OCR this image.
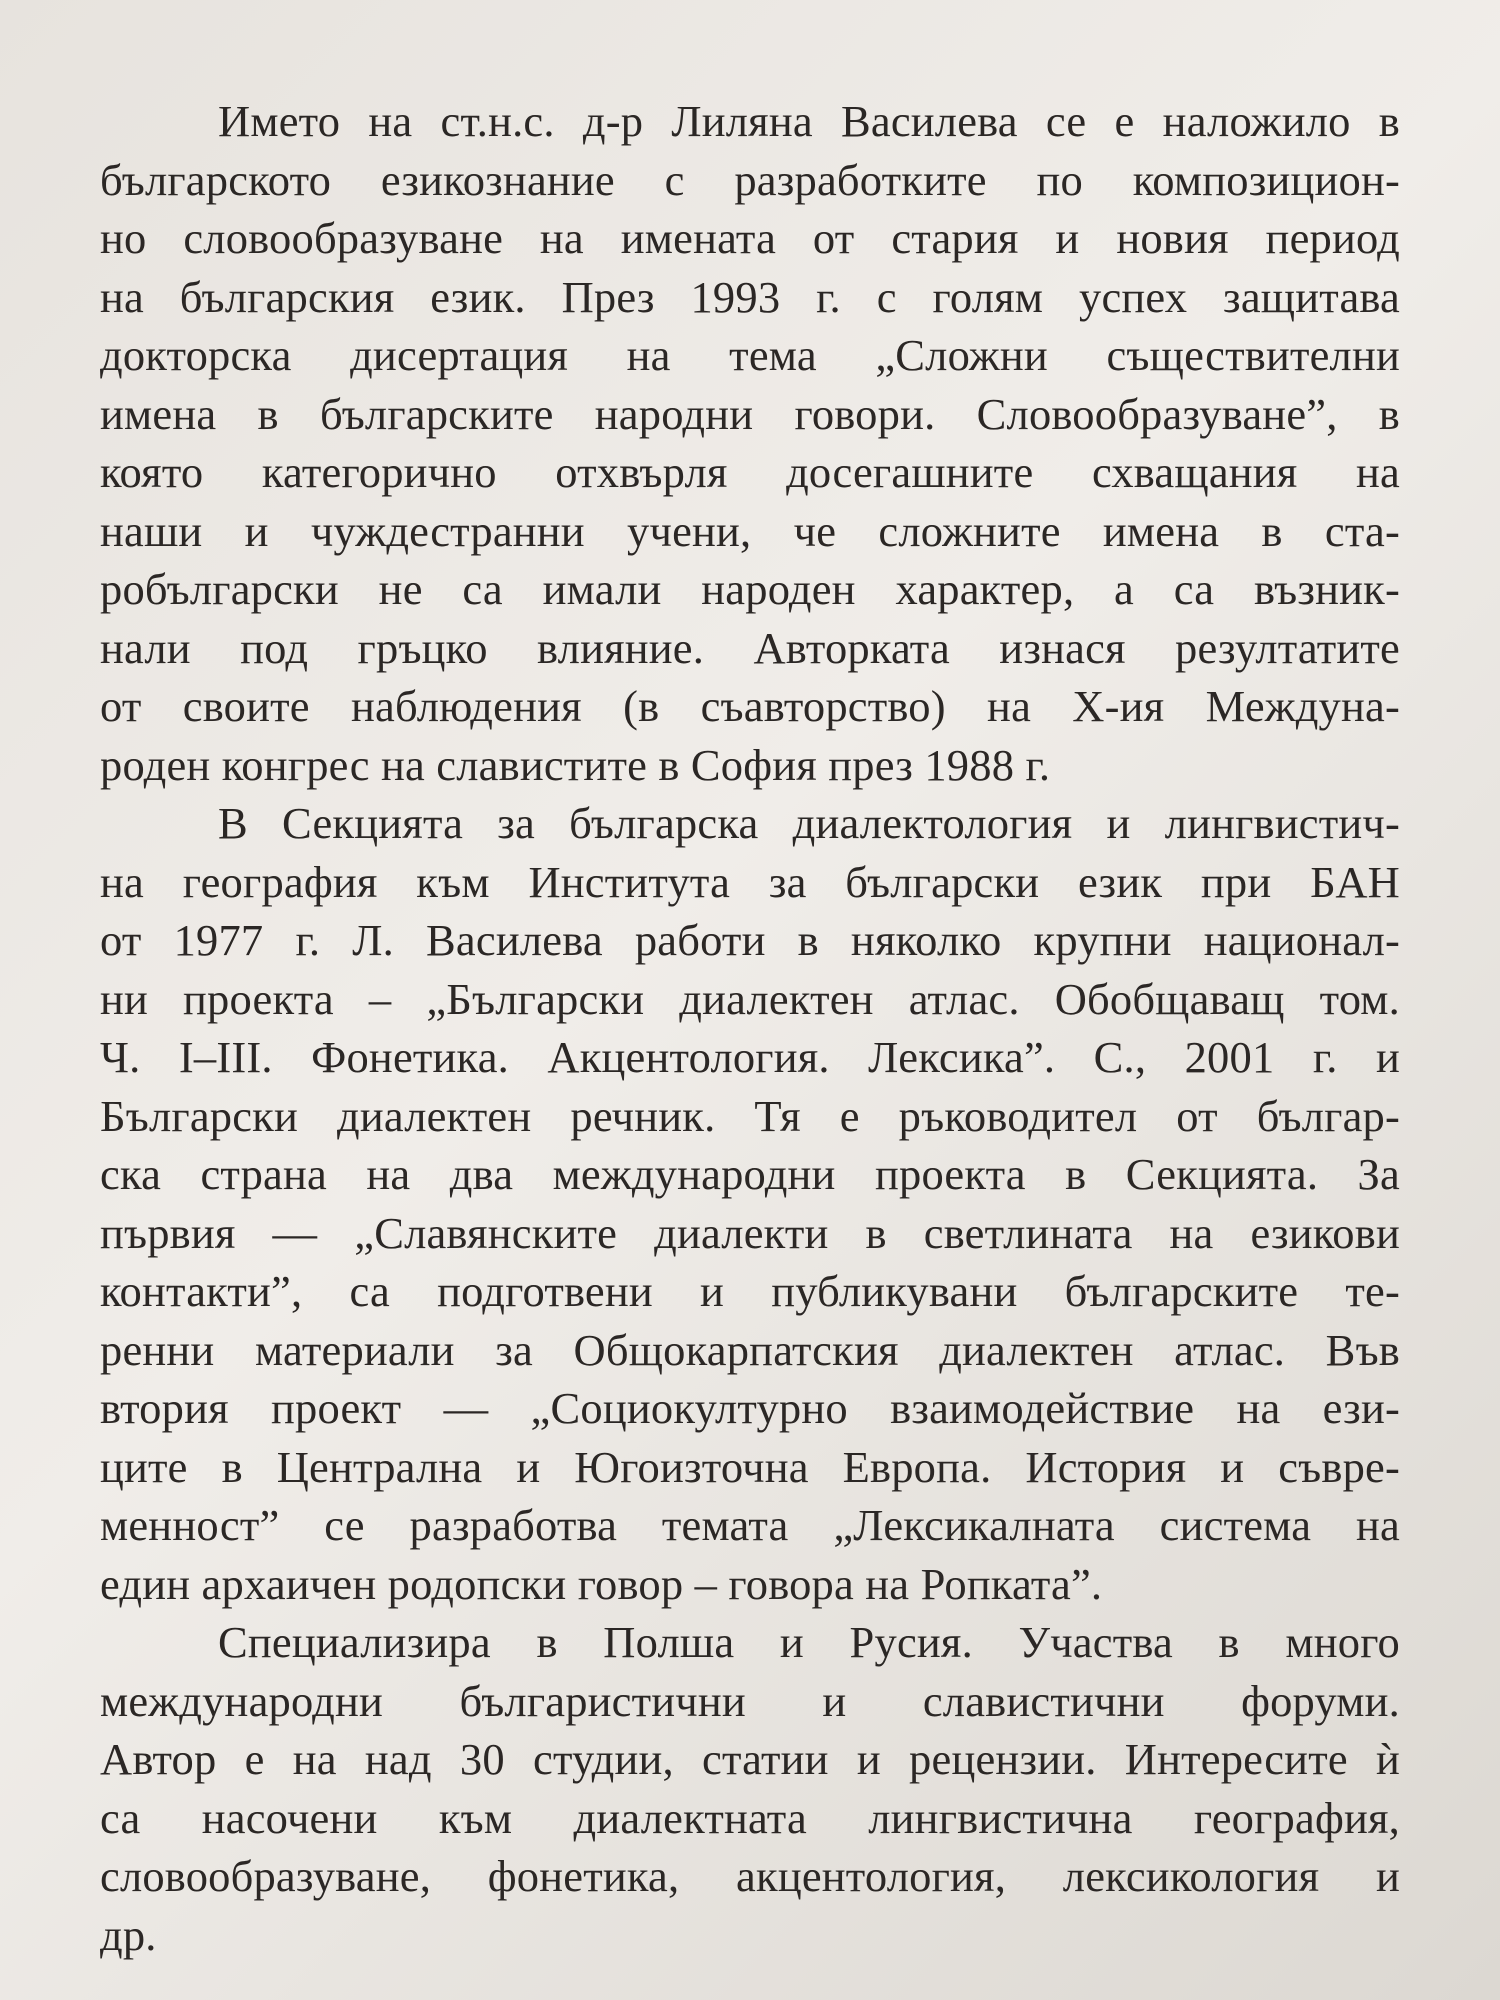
Името на ст.н.с. д-р Лиляна Василева се е наложило в
българското езикознание с разработките по композицион-
но словообразуване на имената от стария и новия период
на българския език. През 1993 г. с голям успех защитава
докторска дисертация на тема „Сложни съществителни
имена в българските народни говори. Словообразуване”, в
която категорично отхвърля досегашните схващания на
наши и чуждестранни учени, че сложните имена в ста-
робългарски не са имали народен характер, а са възник-
нали под гръцко влияние. Авторката изнася резултатите
от своите наблюдения (в съавторство) на Х-ия Междуна-
роден конгрес на славистите в София през 1988 г.

В Секцията за българска диалектология и лингвистич-
на география към Института за български език при БАН
от 1977 г. Л. Василева работи в няколко крупни национал-
ни проекта – „Български диалектен атлас. Обобщаващ том.
Ч. I–III. Фонетика. Акцентология. Лексика”. С., 2001 г. и
Български диалектен речник. Тя е ръководител от българ-
ска страна на два международни проекта в Секцията. За
първия — „Славянските диалекти в светлината на езикови
контакти”, са подготвени и публикувани българските те-
ренни материали за Общокарпатския диалектен атлас. Във
втория проект — „Социокултурно взаимодействие на ези-
ците в Централна и Югоизточна Европа. История и съвре-
менност” се разработва темата „Лексикалната система на
един архаичен родопски говор – говора на Ропката”.

Специализира в Полша и Русия. Участва в много
международни българистични и славистични форуми.
Автор е на над 30 студии, статии и рецензии. Интересите ѝ
са насочени към диалектната лингвистична география,
словообразуване, фонетика, акцентология, лексикология и
др.
